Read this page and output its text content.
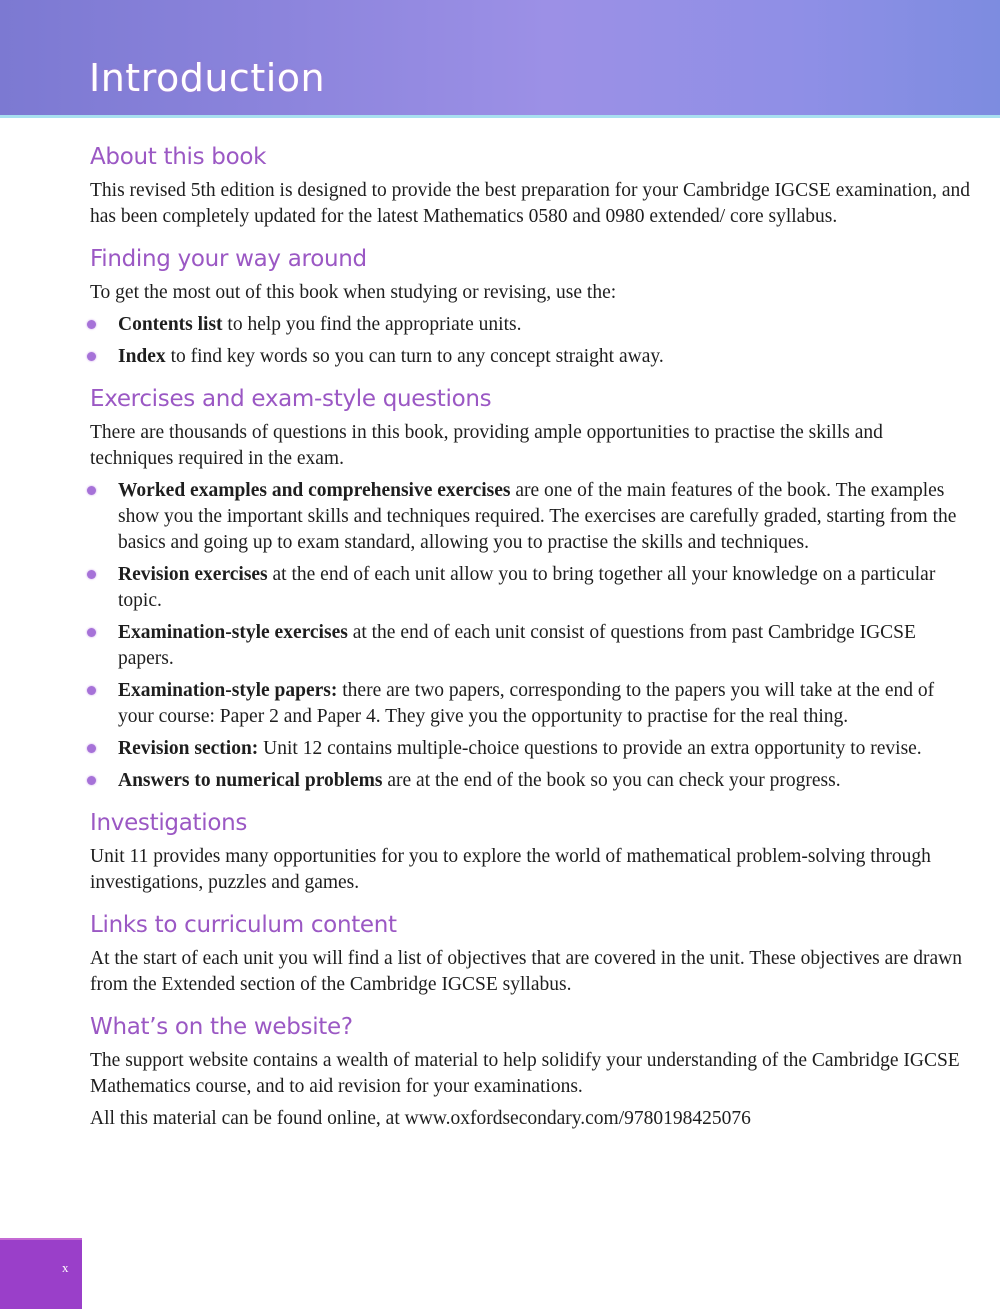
Introduction
About this book

This revised 5th edition is designed to provide the best preparation for your Cambridge IGCSE examination, and has been completely updated for the latest Mathematics 0580 and 0980 extended/ core syllabus.

Finding your way around

To get the most out of this book when studying or revising, use the:

Contents list to help you find the appropriate units.
Index to find key words so you can turn to any concept straight away.
Exercises and exam-style questions

There are thousands of questions in this book, providing ample opportunities to practise the skills and techniques required in the exam.

Worked examples and comprehensive exercises are one of the main features of the book. The examples show you the important skills and techniques required. The exercises are carefully graded, starting from the basics and going up to exam standard, allowing you to practise the skills and techniques.
Revision exercises at the end of each unit allow you to bring together all your knowledge on a particular topic.
Examination-style exercises at the end of each unit consist of questions from past Cambridge IGCSE papers.
Examination-style papers: there are two papers, corresponding to the papers you will take at the end of your course: Paper 2 and Paper 4. They give you the opportunity to practise for the real thing.
Revision section: Unit 12 contains multiple-choice questions to provide an extra opportunity to revise.
Answers to numerical problems are at the end of the book so you can check your progress.
Investigations

Unit 11 provides many opportunities for you to explore the world of mathematical problem-solving through investigations, puzzles and games.

Links to curriculum content

At the start of each unit you will find a list of objectives that are covered in the unit. These objectives are drawn from the Extended section of the Cambridge IGCSE syllabus.

What’s on the website?

The support website contains a wealth of material to help solidify your understanding of the Cambridge IGCSE Mathematics course, and to aid revision for your examinations.

All this material can be found online, at www.oxfordsecondary.com/9780198425076

x
